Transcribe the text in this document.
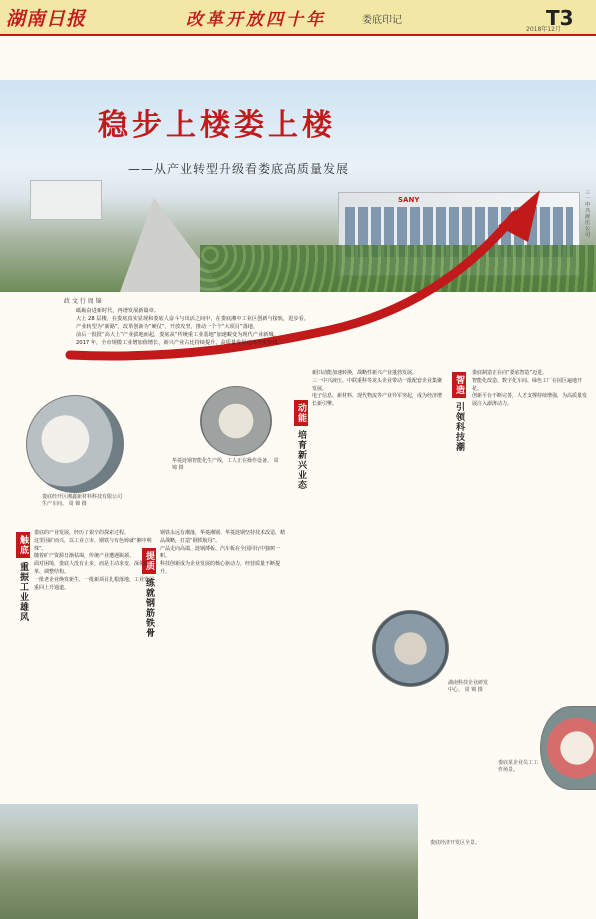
湖南日报	改革开放四十年	娄底印记	T3
2018年12月
SANY
稳步上楼娄上楼
——从产业转型升级看娄底高质量发展
三一中兴液压公司
政 文 行 周 锦
砥砺奋进新时代，再谱发展新篇章。
大上 28 层楼，在娄底真实显现和娄底人奋斗与出活之间中，在娄底湘中工业区创新与接轨，进步看。
产业转型为“新路”，改革创新为“硬仗”，开放攻坚，推动一个个“大项目”落地，
前后一批批“高大上”产业拔地而起，娄底从“传统重工业基地”加速蜕变为现代产业新城。
2017 年，全市规模工业增加值增长，新兴产业占比持续提升，高质量发展迈出坚实步伐。
娄底经开区湘鑫新材料科技有限公司生产车间。 周 锦 摄
华菱涟钢智能化生产线，工人正在操作设备。 周 锦 摄
湖南科技企业研发中心。 周 锦 摄
娄底某企业员工工作场景。
娄底经济开发区全景。
触底 重振工业雄风
提质 练就钢筋铁骨
动能 培育新兴业态
智造 引领科技潮

娄底的产业发展，经历了艰辛的探索过程。

这里因矿而兴，以工业立市，钢铁与有色铸就“湘中明珠”。

随着矿产资源日渐枯竭，传统产业遭遇瓶颈。

面对困境，娄底人没有止步，而是主动求变、深化改革、调整结构。

一批老企业焕发新生，一批新项目扎根落地，工业发展重回上升通道。

钢铁永远有潮落，华菱湘钢、华菱涟钢坚持技术改造、精品战略，打造“钢铁航母”。

产品走向高端，涟钢薄板、汽车板在全国同行中独树一帜。

科技创新成为企业发展的核心驱动力，经营质量不断提升。

新旧动能加速转换，战略性新兴产业蓬勃发展。

三一中兴液压、中联重科等龙头企业带动一批配套企业集聚发展。

电子信息、新材料、现代物流等产业异军突起，成为经济增长新引擎。

娄底制造正在向“娄底智造”迈进。

智能化改造、数字化车间、绿色工厂在园区遍地开花。

创新平台不断完善，人才支撑持续增强，为高质量发展注入澎湃动力。
